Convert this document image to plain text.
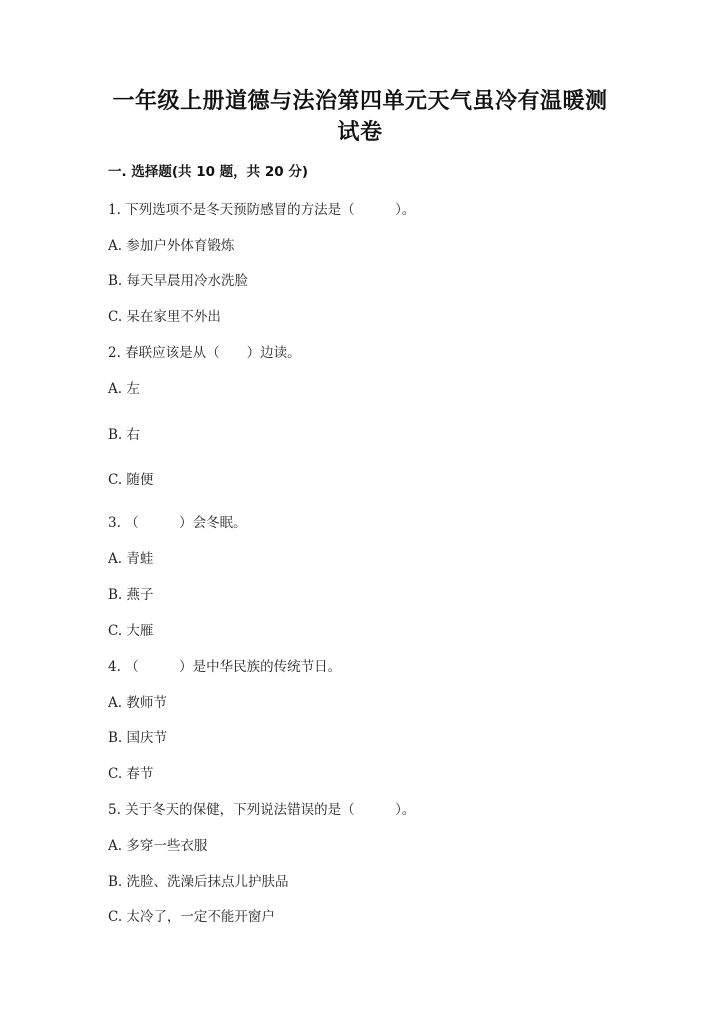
一年级上册道德与法治第四单元天气虽冷有温暖测
试卷
一. 选择题(共 10 题，共 20 分)
1. 下列选项不是冬天预防感冒的方法是（　　　）。
A. 参加户外体育锻炼
B. 每天早晨用冷水洗脸
C. 呆在家里不外出
2. 春联应该是从（　　）边读。
A. 左
B. 右
C. 随便
3. （　　　）会冬眠。
A. 青蛙
B. 燕子
C. 大雁
4. （　　　）是中华民族的传统节日。
A. 教师节
B. 国庆节
C. 春节
5. 关于冬天的保健，下列说法错误的是（　　　）。
A. 多穿一些衣服
B. 洗脸、洗澡后抹点儿护肤品
C. 太冷了，一定不能开窗户
